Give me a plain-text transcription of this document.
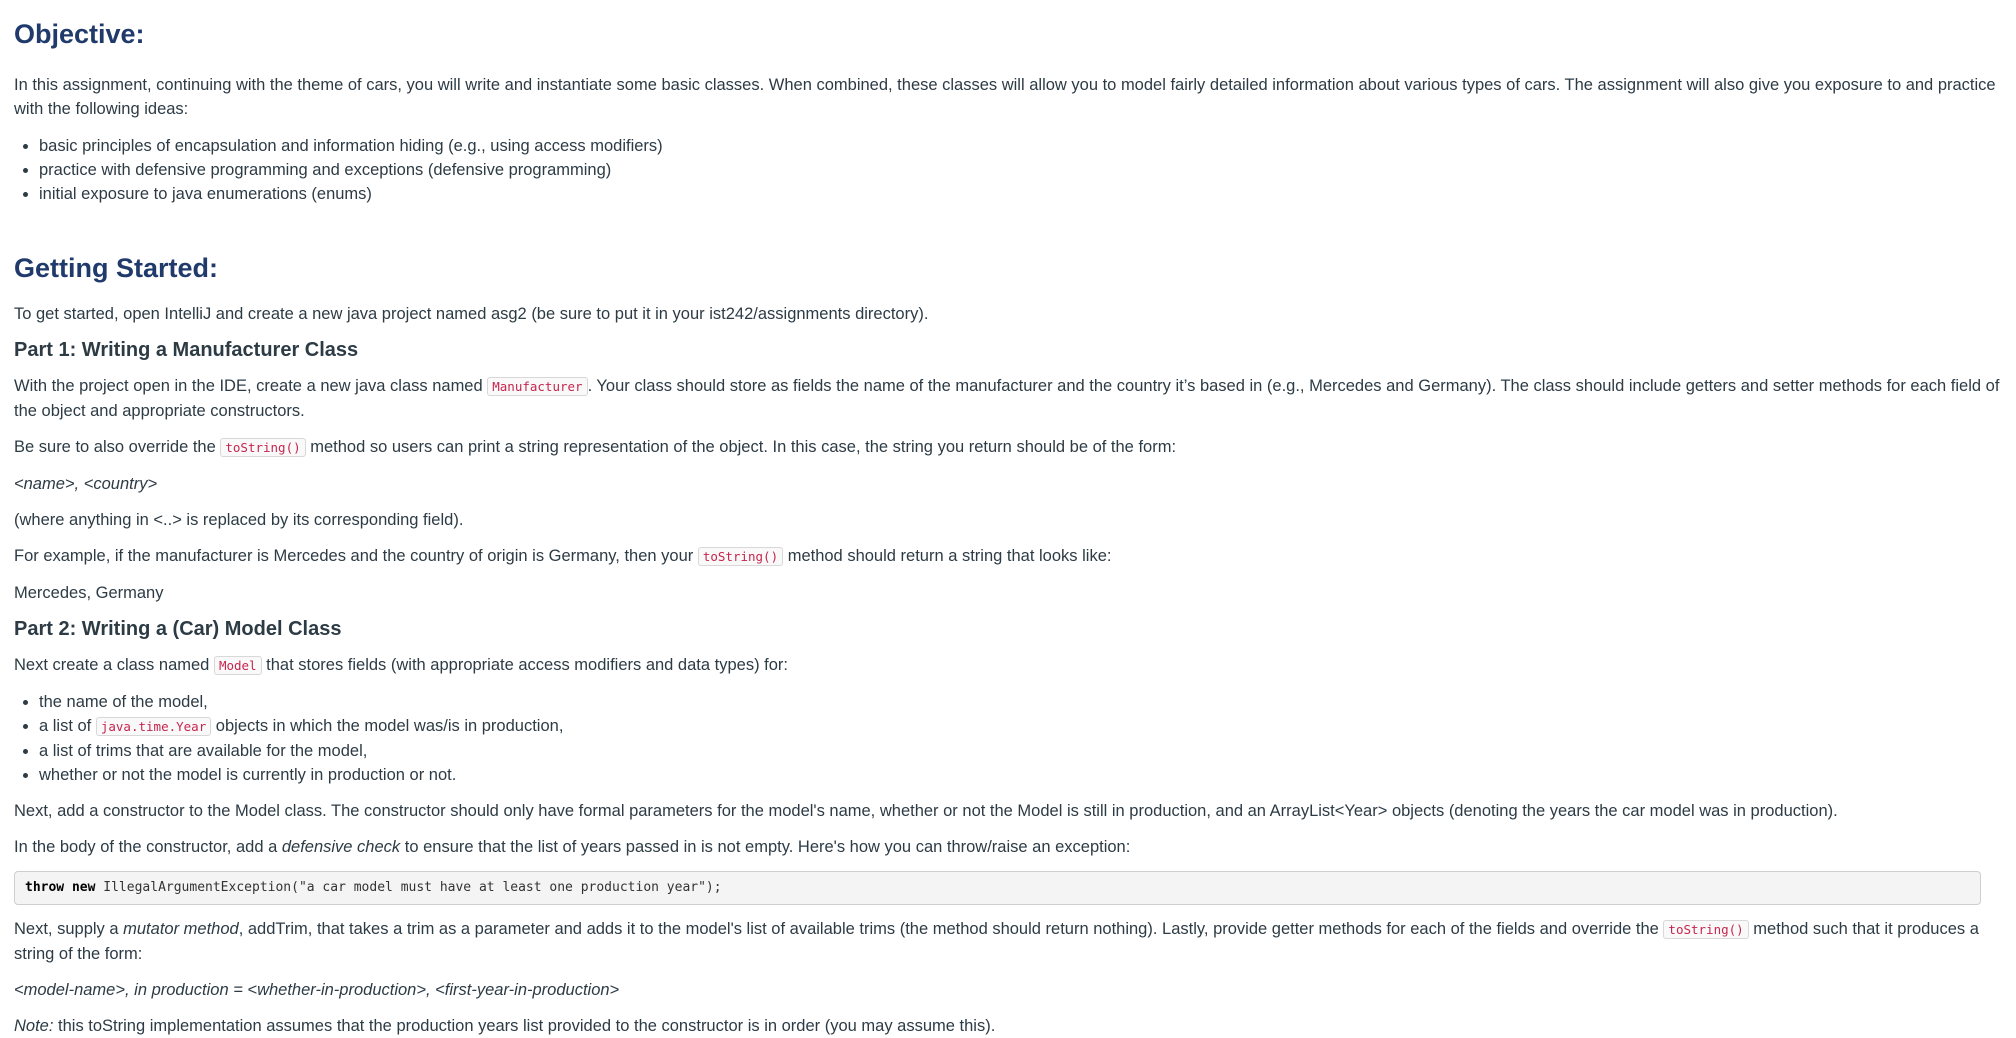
Objective:

In this assignment, continuing with the theme of cars, you will write and instantiate some basic classes. When combined, these classes will allow you to model fairly detailed information about various types of cars. The assignment will also give you exposure to and practice with the following ideas:

• basic principles of encapsulation and information hiding (e.g., using access modifiers)
• practice with defensive programming and exceptions (defensive programming)
• initial exposure to java enumerations (enums)
Getting Started:

To get started, open IntelliJ and create a new java project named asg2 (be sure to put it in your ist242/assignments directory).

Part 1: Writing a Manufacturer Class

With the project open in the IDE, create a new java class named Manufacturer . Your class should store as fields the name of the manufacturer and the country it’s based in (e.g., Mercedes and Germany). The class should include getters and setter methods for each field of the object and appropriate constructors.

Be sure to also override the toString() method so users can print a string representation of the object. In this case, the string you return should be of the form:

<name>, <country>

(where anything in <..> is replaced by its corresponding field).

For example, if the manufacturer is Mercedes and the country of origin is Germany, then your toString() method should return a string that looks like:

Mercedes, Germany

Part 2: Writing a (Car) Model Class

Next create a class named Model that stores fields (with appropriate access modifiers and data types) for:

• the name of the model,
• a list of java.time.Year objects in which the model was/is in production,
• a list of trims that are available for the model,
• whether or not the model is currently in production or not.

Next, add a constructor to the Model class. The constructor should only have formal parameters for the model's name, whether or not the Model is still in production, and an ArrayList<Year> objects (denoting the years the car model was in production).

In the body of the constructor, add a defensive check to ensure that the list of years passed in is not empty. Here's how you can throw/raise an exception:

throw new IllegalArgumentException("a car model must have at least one production year");

Next, supply a mutator method, addTrim, that takes a trim as a parameter and adds it to the model's list of available trims (the method should return nothing). Lastly, provide getter methods for each of the fields and override the toString() method such that it produces a string of the form:

<model-name>, in production = <whether-in-production>, <first-year-in-production>

Note: this toString implementation assumes that the production years list provided to the constructor is in order (you may assume this).
